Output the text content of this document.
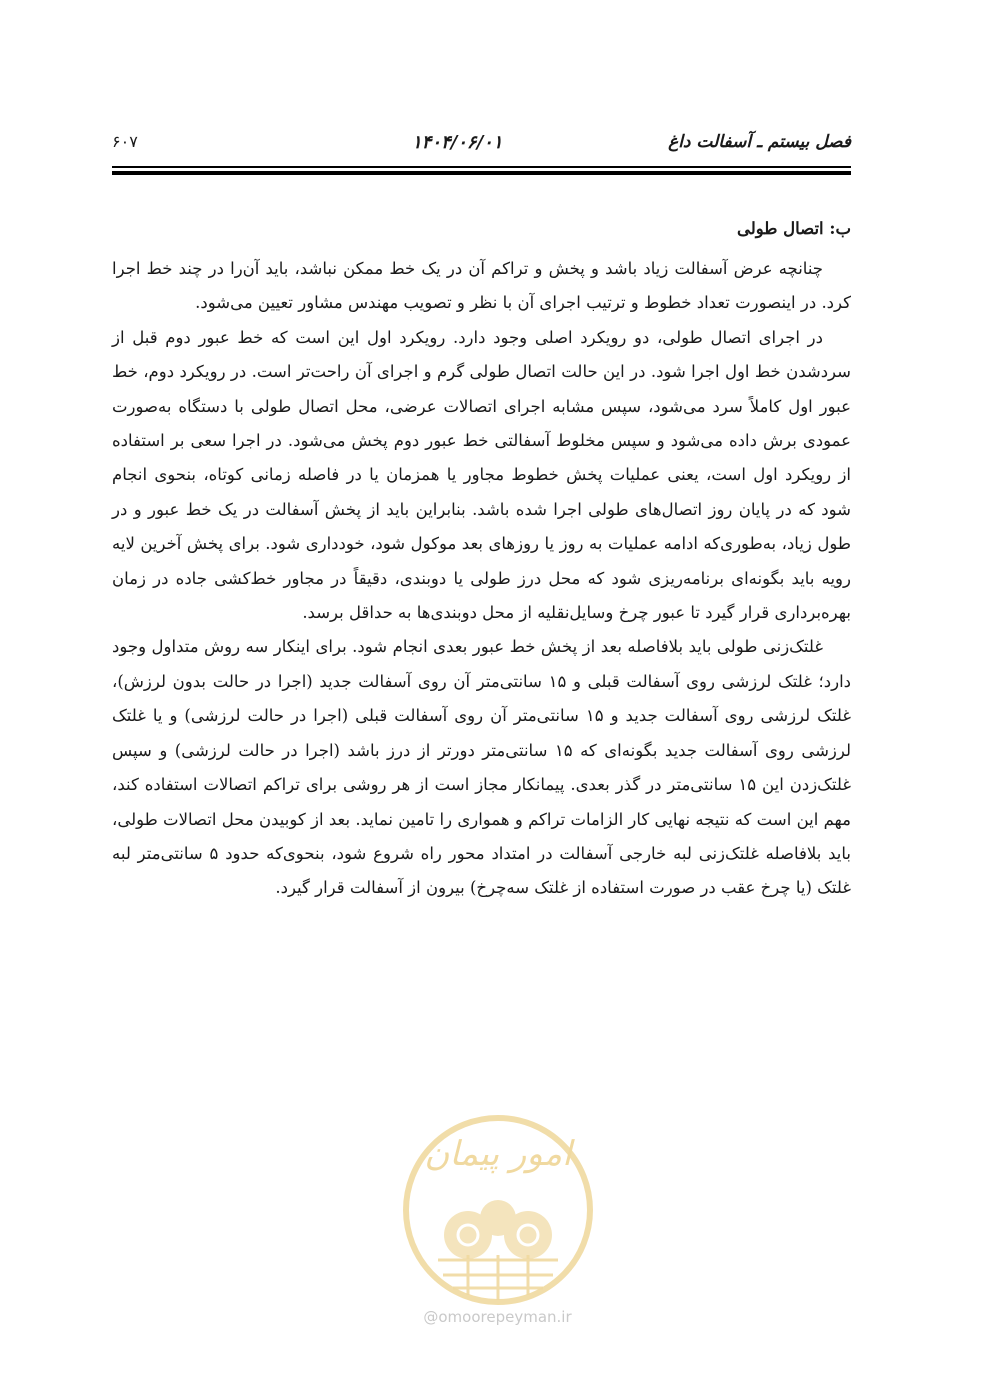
فصل بیستم ـ آسفالت داغ
۱۴۰۴/۰۶/۰۱
۶۰۷
ب: اتصال طولی

چنانچه عرض آسفالت زیاد باشد و پخش و تراکم آن در یک خط ممکن نباشد، باید آن‌را در چند خط اجرا کرد. در اینصورت تعداد خطوط و ترتیب اجرای آن با نظر و تصویب مهندس مشاور تعیین می‌شود.

در اجرای اتصال طولی، دو رویکرد اصلی وجود دارد. رویکرد اول این است که خط عبور دوم قبل از سردشدن خط اول اجرا شود. در این حالت اتصال طولی گرم و اجرای آن راحت‌تر است. در رویکرد دوم، خط عبور اول کاملاً سرد می‌شود، سپس مشابه اجرای اتصالات عرضی، محل اتصال طولی با دستگاه به‌صورت عمودی برش داده می‌شود و سپس مخلوط آسفالتی خط عبور دوم پخش می‌شود. در اجرا سعی بر استفاده از رویکرد اول است، یعنی عملیات پخش خطوط مجاور یا همزمان یا در فاصله زمانی کوتاه، بنحوی انجام شود که در پایان روز اتصال‌های طولی اجرا شده باشد. بنابراین باید از پخش آسفالت در یک خط عبور و در طول زیاد، به‌طوری‌که ادامه عملیات به روز یا روزهای بعد موکول شود، خودداری شود. برای پخش آخرین لایه رویه باید بگونه‌ای برنامه‌ریزی شود که محل درز طولی یا دوبندی، دقیقاً در مجاور خط‌کشی جاده در زمان بهره‌برداری قرار گیرد تا عبور چرخ وسایل‌نقلیه از محل دوبندی‌ها به حداقل برسد.

غلتک‌زنی طولی باید بلافاصله بعد از پخش خط عبور بعدی انجام شود. برای اینکار سه روش متداول وجود دارد؛ غلتک لرزشی روی آسفالت قبلی و ۱۵ سانتی‌متر آن روی آسفالت جدید (اجرا در حالت بدون لرزش)، غلتک لرزشی روی آسفالت جدید و ۱۵ سانتی‌متر آن روی آسفالت قبلی (اجرا در حالت لرزشی) و یا غلتک لرزشی روی آسفالت جدید بگونه‌ای که ۱۵ سانتی‌متر دورتر از درز باشد (اجرا در حالت لرزشی) و سپس غلتک‌زدن این ۱۵ سانتی‌متر در گذر بعدی. پیمانکار مجاز است از هر روشی برای تراکم اتصالات استفاده کند، مهم این است که نتیجه نهایی کار الزامات تراکم و همواری را تامین نماید. بعد از کوبیدن محل اتصالات طولی، باید بلافاصله غلتک‌زنی لبه خارجی آسفالت در امتداد محور راه شروع شود، بنحوی‌که حدود ۵ سانتی‌متر لبه غلتک (یا چرخ عقب در صورت استفاده از غلتک سه‌چرخ) بیرون از آسفالت قرار گیرد.

امور پیمان
@omoorepeyman.ir
